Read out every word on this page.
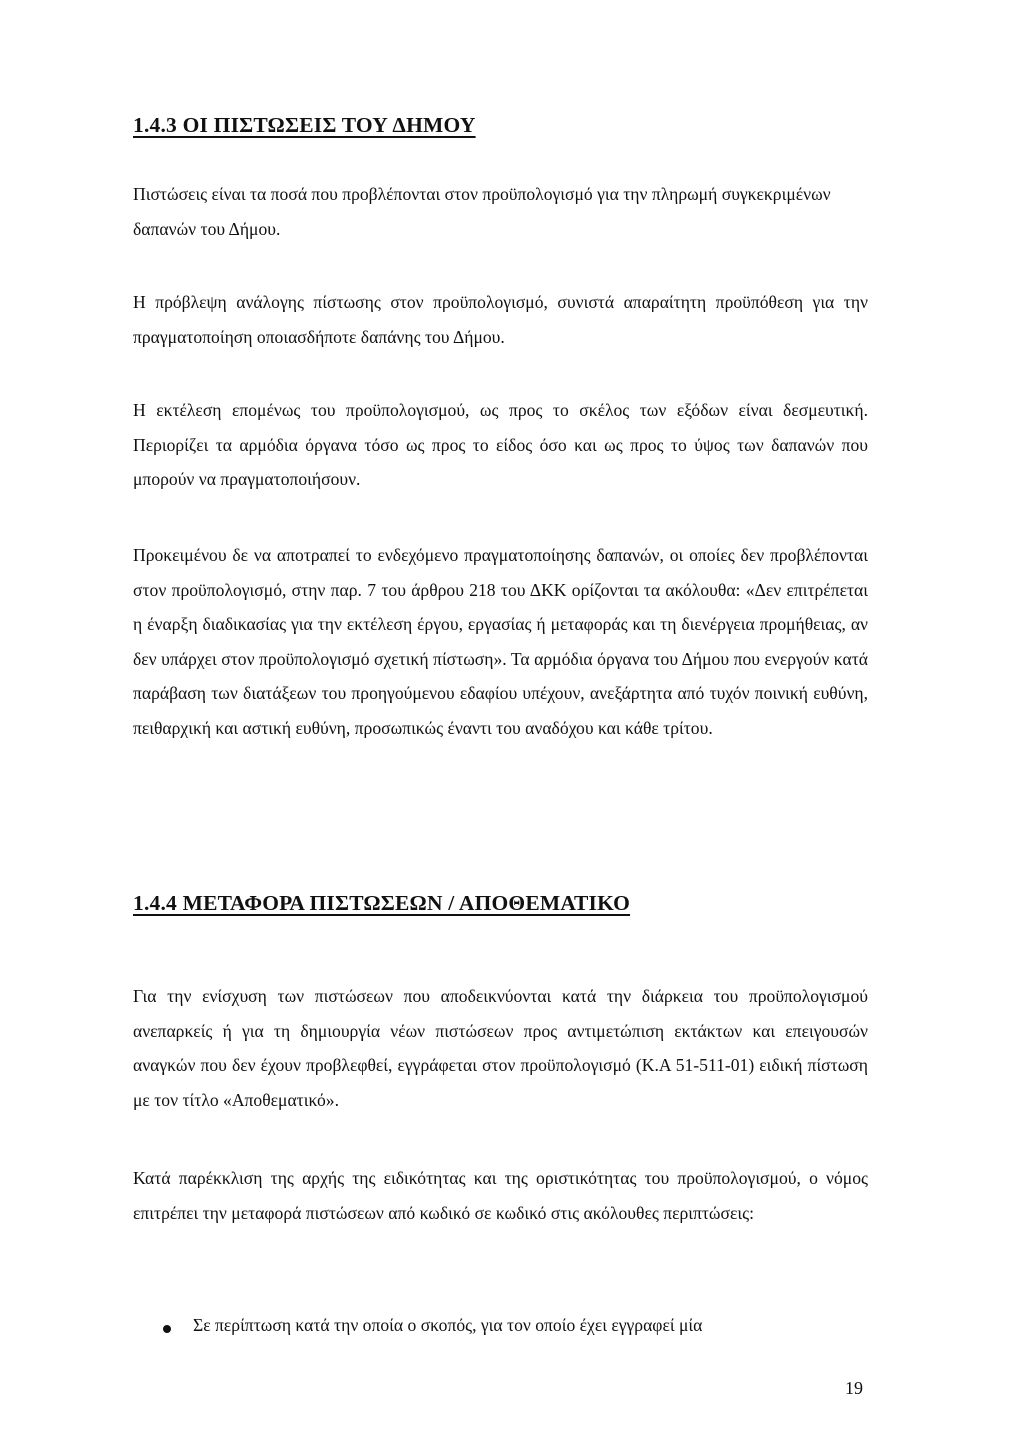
1.4.3 ΟΙ ΠΙΣΤΩΣΕΙΣ ΤΟΥ ΔΗΜΟΥ

Πιστώσεις είναι τα ποσά που προβλέπονται στον προϋπολογισμό για την πληρωμή συγκεκριμένων δαπανών του Δήμου.

Η πρόβλεψη ανάλογης πίστωσης στον προϋπολογισμό, συνιστά απαραίτητη προϋπόθεση για την πραγματοποίηση οποιασδήποτε δαπάνης του Δήμου.

Η εκτέλεση επομένως του προϋπολογισμού, ως προς το σκέλος των εξόδων είναι δεσμευτική. Περιορίζει τα αρμόδια όργανα τόσο ως προς το είδος όσο και ως προς το ύψος των δαπανών που μπορούν να πραγματοποιήσουν.

Προκειμένου δε να αποτραπεί το ενδεχόμενο πραγματοποίησης δαπανών, οι οποίες δεν προβλέπονται στον προϋπολογισμό, στην παρ. 7 του άρθρου 218 του ΔΚΚ ορίζονται τα ακόλουθα: «Δεν επιτρέπεται η έναρξη διαδικασίας για την εκτέλεση έργου, εργασίας ή μεταφοράς και τη διενέργεια προμήθειας, αν δεν υπάρχει στον προϋπολογισμό σχετική πίστωση». Τα αρμόδια όργανα του Δήμου που ενεργούν κατά παράβαση των διατάξεων του προηγούμενου εδαφίου υπέχουν, ανεξάρτητα από τυχόν ποινική ευθύνη, πειθαρχική και αστική ευθύνη, προσωπικώς έναντι του αναδόχου και κάθε τρίτου.

1.4.4 ΜΕΤΑΦΟΡΑ ΠΙΣΤΩΣΕΩΝ / ΑΠΟΘΕΜΑΤΙΚΟ

Για την ενίσχυση των πιστώσεων που αποδεικνύονται κατά την διάρκεια του προϋπολογισμού ανεπαρκείς ή για τη δημιουργία νέων πιστώσεων προς αντιμετώπιση εκτάκτων και επειγουσών αναγκών που δεν έχουν προβλεφθεί, εγγράφεται στον προϋπολογισμό (Κ.Α 51-511-01) ειδική πίστωση με τον τίτλο «Αποθεματικό».

Κατά παρέκκλιση της αρχής της ειδικότητας και της οριστικότητας του προϋπολογισμού, ο νόμος επιτρέπει την μεταφορά πιστώσεων από κωδικό σε κωδικό στις ακόλουθες περιπτώσεις:

Σε περίπτωση κατά την οποία ο σκοπός, για τον οποίο έχει εγγραφεί μία

19
